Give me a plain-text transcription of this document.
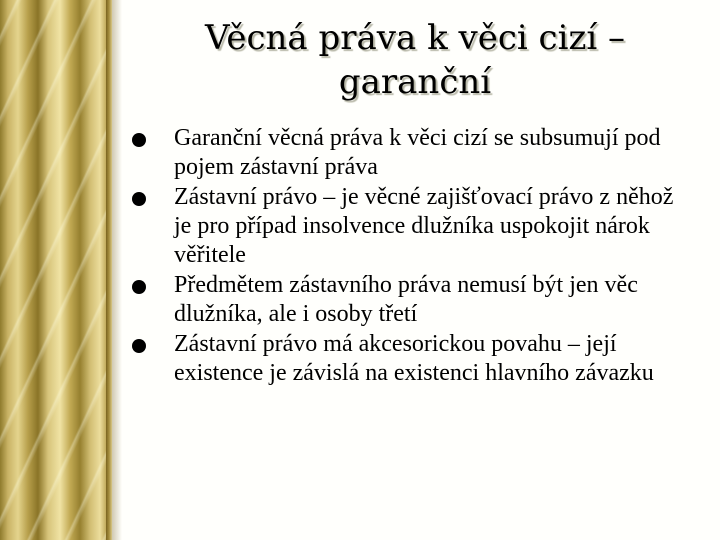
Věcná práva k věci cizí – garanční
Garanční věcná práva k věci cizí se subsumují pod pojem zástavní práva
Zástavní právo – je věcné zajišťovací právo z něhož je pro případ insolvence dlužníka uspokojit nárok věřitele
Předmětem zástavního práva nemusí být jen věc dlužníka, ale i osoby třetí
Zástavní právo má akcesorickou povahu – její existence je závislá na existenci hlavního závazku
